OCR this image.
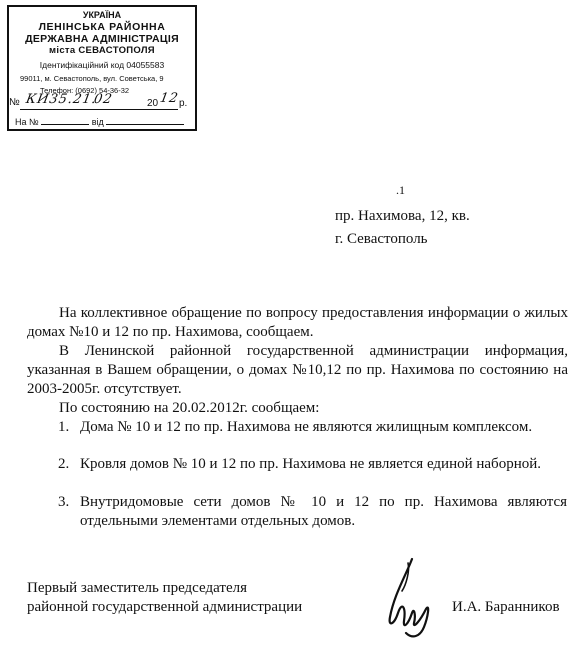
УКРАЇНА
ЛЕНІНСЬКА РАЙОННА
ДЕРЖАВНА АДМІНІСТРАЦІЯ
міста СЕВАСТОПОЛЯ
Ідентифікаційний код 04055583
99011, м. Севастополь, вул. Советська, 9
Телефон: (0692) 54-36-32
№ КИ35.21.
02	20 12 р.
На №	від
.1
пр. Нахимова, 12, кв.
г. Севастополь
На коллективное обращение по вопросу предоставления информации о жилых домах №10 и 12 по пр. Нахимова, сообщаем.
В Ленинской районной государственной администрации информация, указанная в Вашем обращении, о домах №10,12 по пр. Нахимова по состоянию на 2003-2005г. отсутствует.
По состоянию на 20.02.2012г. сообщаем:
1. Дома № 10 и 12 по пр. Нахимова не являются жилищным комплексом.
2. Кровля домов № 10 и 12 по пр. Нахимова не является единой наборной.
3. Внутридомовые сети домов № 10 и 12 по пр. Нахимова являются отдельными элементами отдельных домов.
Первый заместитель председателя
районной государственной администрации	И.А. Баранников
